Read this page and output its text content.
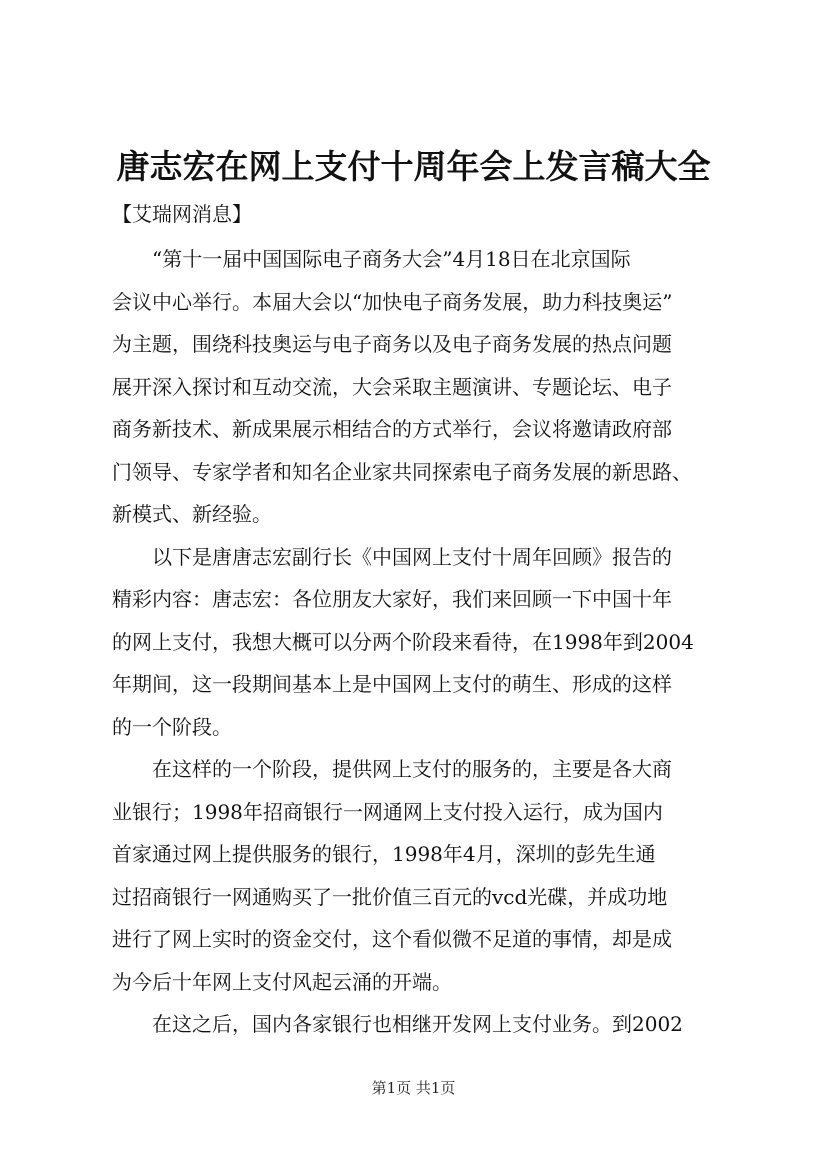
唐志宏在网上支付十周年会上发言稿大全
【艾瑞网消息】
“第十一届中国国际电子商务大会”4月18日在北京国际
会议中心举行。本届大会以“加快电子商务发展，助力科技奥运”
为主题，围绕科技奥运与电子商务以及电子商务发展的热点问题
展开深入探讨和互动交流，大会采取主题演讲、专题论坛、电子
商务新技术、新成果展示相结合的方式举行，会议将邀请政府部
门领导、专家学者和知名企业家共同探索电子商务发展的新思路、
新模式、新经验。
以下是唐唐志宏副行长《中国网上支付十周年回顾》报告的
精彩内容：唐志宏：各位朋友大家好，我们来回顾一下中国十年
的网上支付，我想大概可以分两个阶段来看待，在1998年到2004
年期间，这一段期间基本上是中国网上支付的萌生、形成的这样
的一个阶段。
在这样的一个阶段，提供网上支付的服务的，主要是各大商
业银行；1998年招商银行一网通网上支付投入运行，成为国内
首家通过网上提供服务的银行，1998年4月，深圳的彭先生通
过招商银行一网通购买了一批价值三百元的vcd光碟，并成功地
进行了网上实时的资金交付，这个看似微不足道的事情，却是成
为今后十年网上支付风起云涌的开端。
在这之后，国内各家银行也相继开发网上支付业务。到2002
第1页 共1页
